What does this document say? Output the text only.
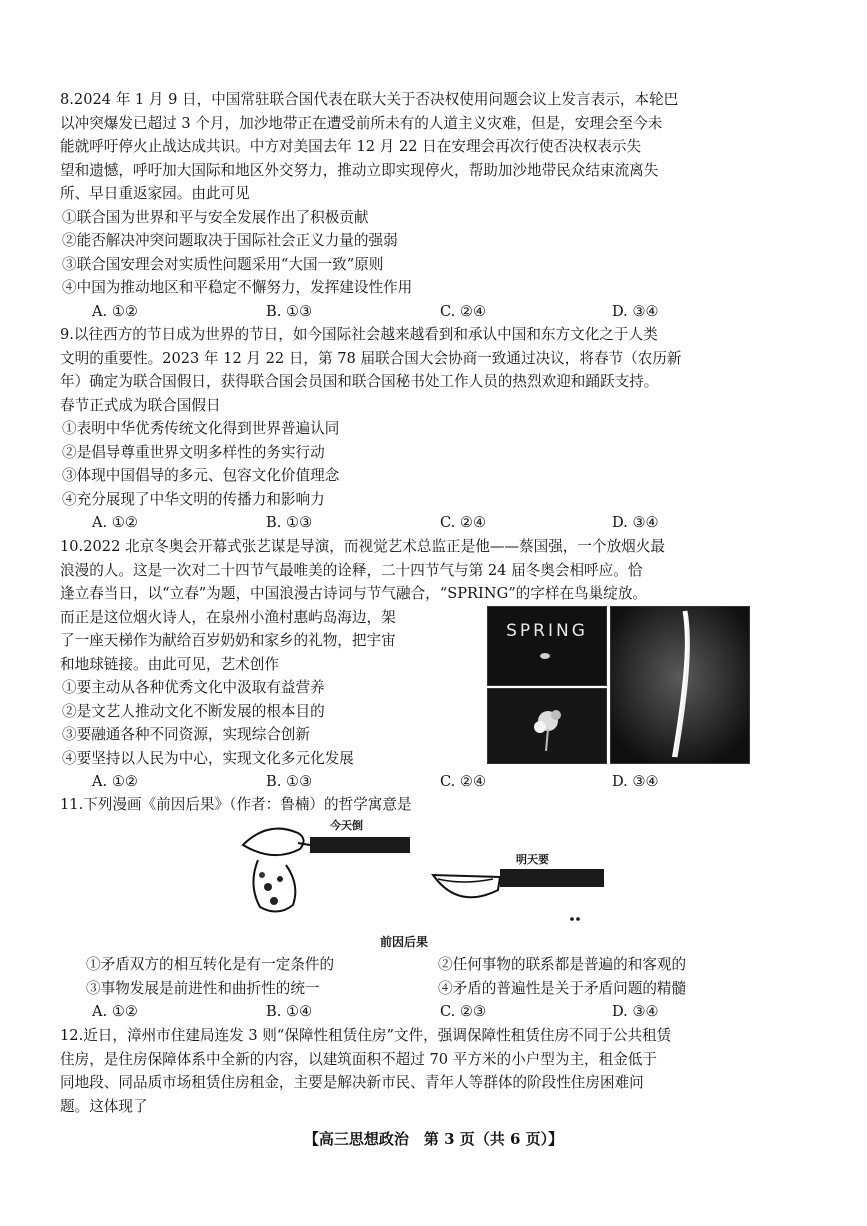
8.2024 年 1 月 9 日，中国常驻联合国代表在联大关于否决权使用问题会议上发言表示，本轮巴
以冲突爆发已超过 3 个月，加沙地带正在遭受前所未有的人道主义灾难，但是，安理会至今未
能就呼吁停火止战达成共识。中方对美国去年 12 月 22 日在安理会再次行使否决权表示失
望和遗憾，呼吁加大国际和地区外交努力，推动立即实现停火，帮助加沙地带民众结束流离失
所、早日重返家园。由此可见
①联合国为世界和平与安全发展作出了积极贡献
②能否解决冲突问题取决于国际社会正义力量的强弱
③联合国安理会对实质性问题采用“大国一致”原则
④中国为推动地区和平稳定不懈努力，发挥建设性作用
A. ①②	B. ①③	C. ②④	D. ③④
9.以往西方的节日成为世界的节日，如今国际社会越来越看到和承认中国和东方文化之于人类
文明的重要性。2023 年 12 月 22 日，第 78 届联合国大会协商一致通过决议，将春节（农历新
年）确定为联合国假日，获得联合国会员国和联合国秘书处工作人员的热烈欢迎和踊跃支持。
春节正式成为联合国假日
①表明中华优秀传统文化得到世界普遍认同
②是倡导尊重世界文明多样性的务实行动
③体现中国倡导的多元、包容文化价值理念
④充分展现了中华文明的传播力和影响力
A. ①②	B. ①③	C. ②④	D. ③④
10.2022 北京冬奥会开幕式张艺谋是导演，而视觉艺术总监正是他——蔡国强，一个放烟火最
浪漫的人。这是一次对二十四节气最唯美的诠释，二十四节气与第 24 届冬奥会相呼应。恰
逢立春当日，以“立春”为题，中国浪漫古诗词与节气融合，“SPRING”的字样在鸟巢绽放。
而正是这位烟火诗人，在泉州小渔村惠屿岛海边，架
了一座天梯作为献给百岁奶奶和家乡的礼物，把宇宙
和地球链接。由此可见，艺术创作
①要主动从各种优秀文化中汲取有益营养
②是文艺人推动文化不断发展的根本目的
③要融通各种不同资源，实现综合创新
④要坚持以人民为中心，实现文化多元化发展
A. ①②	B. ①③	C. ②④	D. ③④
SPRING
11.下列漫画《前因后果》（作者：鲁楠）的哲学寓意是
今天倒
明天要
前因后果
①矛盾双方的相互转化是有一定条件的	②任何事物的联系都是普遍的和客观的
③事物发展是前进性和曲折性的统一	④矛盾的普遍性是关于矛盾问题的精髓
A. ①②	B. ①④	C. ②③	D. ③④
12.近日，漳州市住建局连发 3 则“保障性租赁住房”文件，强调保障性租赁住房不同于公共租赁
住房，是住房保障体系中全新的内容，以建筑面积不超过 70 平方米的小户型为主，租金低于
同地段、同品质市场租赁住房租金，主要是解决新市民、青年人等群体的阶段性住房困难问
题。这体现了
【高三思想政治　第 3 页（共 6 页）】
